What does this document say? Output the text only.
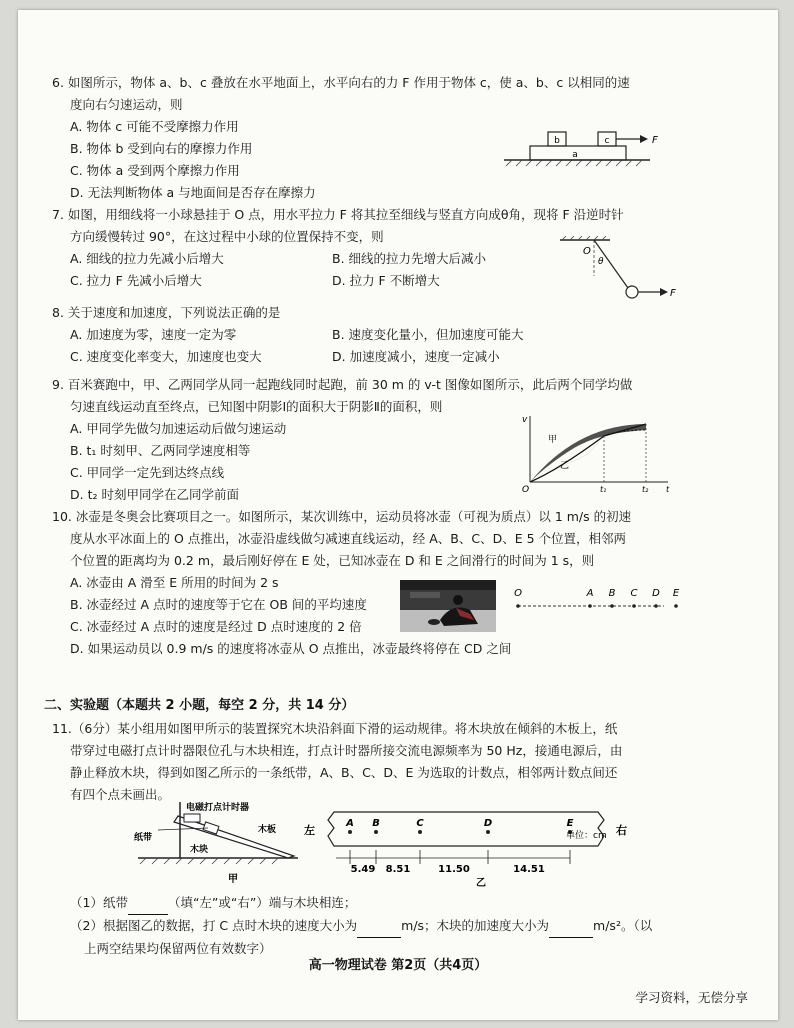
6. 如图所示，物体 a、b、c 叠放在水平地面上，水平向右的力 F 作用于物体 c，使 a、b、c 以相同的速

度向右匀速运动，则

A. 物体 c 可能不受摩擦力作用

B. 物体 b 受到向右的摩擦力作用

C. 物体 a 受到两个摩擦力作用

D. 无法判断物体 a 与地面间是否存在摩擦力

a
b	c	F

7. 如图，用细线将一小球悬挂于 O 点，用水平拉力 F 将其拉至细线与竖直方向成θ角，现将 F 沿逆时针

方向缓慢转过 90°，在这过程中小球的位置保持不变，则

A. 细线的拉力先减小后增大	B. 细线的拉力先增大后减小
C. 拉力 F 先减小后增大	D. 拉力 F 不断增大
O
θ
F

8. 关于速度和加速度，下列说法正确的是

A. 加速度为零，速度一定为零	B. 速度变化量小，但加速度可能大
C. 速度变化率变大，加速度也变大	D. 加速度减小，速度一定减小

9. 百米赛跑中，甲、乙两同学从同一起跑线同时起跑，前 30 m 的 v-t 图像如图所示，此后两个同学均做

匀速直线运动直至终点，已知图中阴影Ⅰ的面积大于阴影Ⅱ的面积，则

A. 甲同学先做匀加速运动后做匀速运动

B. t₁ 时刻甲、乙两同学速度相等

C. 甲同学一定先到达终点线

D. t₂ 时刻甲同学在乙同学前面

v
甲
乙
O	t₁	t₂ t

10. 冰壶是冬奥会比赛项目之一。如图所示，某次训练中，运动员将冰壶（可视为质点）以 1 m/s 的初速

度从水平冰面上的 O 点推出，冰壶沿虚线做匀减速直线运动，经 A、B、C、D、E 5 个位置，相邻两

个位置的距离均为 0.2 m，最后刚好停在 E 处，已知冰壶在 D 和 E 之间滑行的时间为 1 s，则

A. 冰壶由 A 滑至 E 所用的时间为 2 s

B. 冰壶经过 A 点时的速度等于它在 OB 间的平均速度

C. 冰壶经过 A 点时的速度是经过 D 点时速度的 2 倍

D. 如果运动员以 0.9 m/s 的速度将冰壶从 O 点推出，冰壶最终将停在 CD 之间

O	A B C D E
二、实验题（本题共 2 小题，每空 2 分，共 14 分）

11.（6分）某小组用如图甲所示的装置探究木块沿斜面下滑的运动规律。将木块放在倾斜的木板上，纸

带穿过电磁打点计时器限位孔与木块相连，打点计时器所接交流电源频率为 50 Hz，接通电源后，由

静止释放木块，得到如图乙所示的一条纸带，A、B、C、D、E 为选取的计数点，相邻两计数点间还

有四个点未画出。

电磁打点计时器
纸带
木板
木块
甲
A B	C	D	E
5.49 8.51	11.50	14.51
左	右
单位：cm
乙

（1）纸带	（填“左”或“右”）端与木块相连；

（2）根据图乙的数据，打 C 点时木块的速度大小为	m/s；木块的加速度大小为	m/s²。（以

上两空结果均保留两位有效数字）

高一物理试卷 第2页（共4页）
学习资料，无偿分享
